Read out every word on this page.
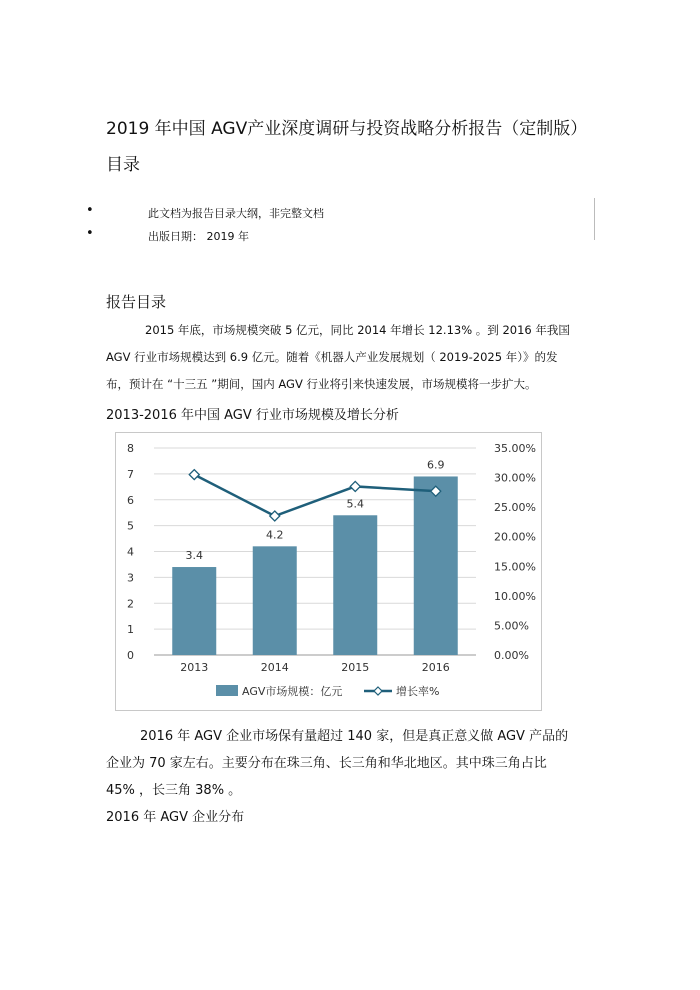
2019 年中国 AGV产业深度调研与投资战略分析报告（定制版）
目录
•	此文档为报告目录大纲，非完整文档
•	出版日期： 2019 年
报告目录

2015 年底，市场规模突破 5 亿元，同比 2014 年增长 12.13% 。到 2016 年我国

AGV 行业市场规模达到 6.9 亿元。随着《机器人产业发展规划（ 2019-2025 年）》的发

布，预计在 “十三五 ”期间，国内 AGV 行业将引来快速发展，市场规模将一步扩大。

2013-2016 年中国 AGV 行业市场规模及增长分析
0
1
2
3
4
5
6
7
8
0.00%
5.00%
10.00%
15.00%
20.00%
25.00%
30.00%
35.00%
3.4
2013
4.2
2014
5.4
2015
6.9
2016
AGV市场规模：亿元	增长率%

2016 年 AGV 企业市场保有量超过 140 家，但是真正意义做 AGV 产品的

企业为 70 家左右。主要分布在珠三角、长三角和华北地区。其中珠三角占比

45% ，长三角 38% 。

2016 年 AGV 企业分布
